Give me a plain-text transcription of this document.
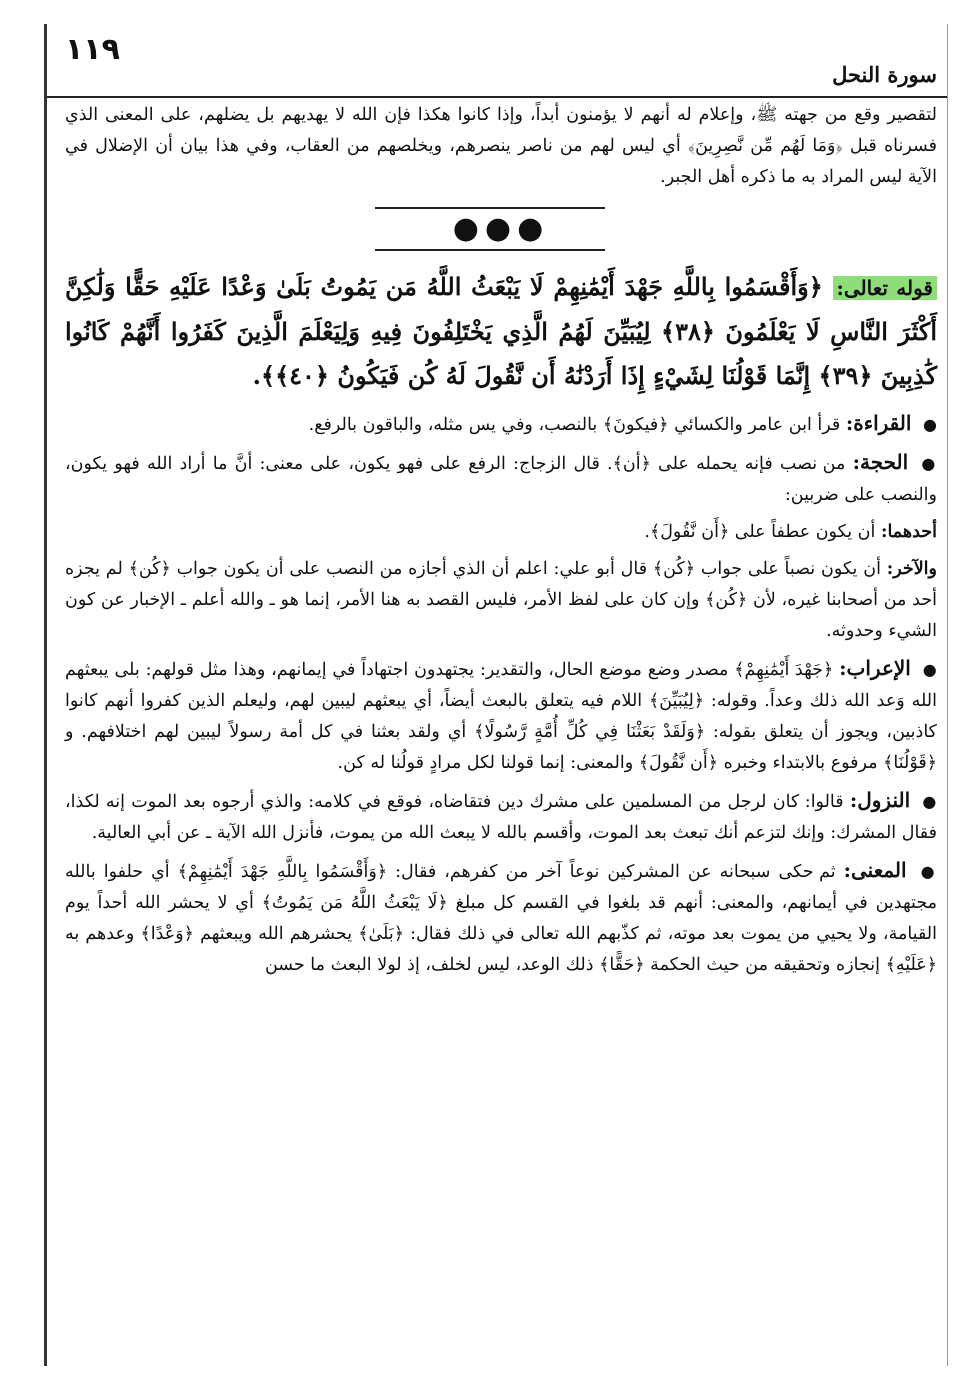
١١٩
سورة النحل

لتقصير وقع من جهته ﷺ، وإعلام له أنهم لا يؤمنون أبداً، وإذا كانوا هكذا فإن الله لا يهديهم بل يضلهم، على المعنى الذي فسرناه قبل ﴿وَمَا لَهُم مِّن نَّصِرِينَ﴾ أي ليس لهم من ناصر ينصرهم، ويخلصهم من العقاب، وفي هذا بيان أن الإضلال في الآية ليس المراد به ما ذكره أهل الجبر.

●●●

قوله تعالى: ﴿وَأَقْسَمُوا بِاللَّهِ جَهْدَ أَيْمَٰنِهِمْ لَا يَبْعَثُ اللَّهُ مَن يَمُوتُ بَلَىٰ وَعْدًا عَلَيْهِ حَقًّا وَلَٰكِنَّ أَكْثَرَ النَّاسِ لَا يَعْلَمُونَ ﴿٣٨﴾ لِيُبَيِّنَ لَهُمُ الَّذِي يَخْتَلِفُونَ فِيهِ وَلِيَعْلَمَ الَّذِينَ كَفَرُوا أَنَّهُمْ كَانُوا كَٰذِبِينَ ﴿٣٩﴾ إِنَّمَا قَوْلُنَا لِشَيْءٍ إِذَا أَرَدْنَٰهُ أَن نَّقُولَ لَهُ كُن فَيَكُونُ ﴿٤٠﴾﴾.

● القراءة: قرأ ابن عامر والكسائي ﴿فيكونَ﴾ بالنصب، وفي يس مثله، والباقون بالرفع.

● الحجة: من نصب فإنه يحمله على ﴿أن﴾. قال الزجاج: الرفع على فهو يكون، على معنى: أنَّ ما أراد الله فهو يكون، والنصب على ضربين:

أحدهما: أن يكون عطفاً على ﴿أَن نَّقُولَ﴾.

والآخر: أن يكون نصباً على جواب ﴿كُن﴾ قال أبو علي: اعلم أن الذي أجازه من النصب على أن يكون جواب ﴿كُن﴾ لم يجزه أحد من أصحابنا غيره، لأن ﴿كُن﴾ وإن كان على لفظ الأمر، فليس القصد به هنا الأمر، إنما هو ـ والله أعلم ـ الإخبار عن كون الشيء وحدوثه.

● الإعراب: ﴿جَهْدَ أَيْمَٰنِهِمْ﴾ مصدر وضع موضع الحال، والتقدير: يجتهدون اجتهاداً في إيمانهم، وهذا مثل قولهم: بلى يبعثهم الله وَعد الله ذلك وعداً. وقوله: ﴿لِيُبَيِّنَ﴾ اللام فيه يتعلق بالبعث أيضاً، أي يبعثهم ليبين لهم، وليعلم الذين كفروا أنهم كانوا كاذبين، ويجوز أن يتعلق بقوله: ﴿وَلَقَدْ بَعَثْنَا فِي كُلِّ أُمَّةٍ رَّسُولًا﴾ أي ولقد بعثنا في كل أمة رسولاً ليبين لهم اختلافهم. و ﴿قَوْلُنَا﴾ مرفوع بالابتداء وخبره ﴿أَن نَّقُولَ﴾ والمعنى: إنما قولنا لكل مرادٍ قولُنا له كن.

● النزول: قالوا: كان لرجل من المسلمين على مشرك دين فتقاضاه، فوقع في كلامه: والذي أرجوه بعد الموت إنه لكذا، فقال المشرك: وإنك لتزعم أنك تبعث بعد الموت، وأقسم بالله لا يبعث الله من يموت، فأنزل الله الآية ـ عن أبي العالية.

● المعنى: ثم حكى سبحانه عن المشركين نوعاً آخر من كفرهم، فقال: ﴿وَأَقْسَمُوا بِاللَّهِ جَهْدَ أَيْمَٰنِهِمْ﴾ أي حلفوا بالله مجتهدين في أيمانهم، والمعنى: أنهم قد بلغوا في القسم كل مبلغ ﴿لَا يَبْعَثُ اللَّهُ مَن يَمُوتُ﴾ أي لا يحشر الله أحداً يوم القيامة، ولا يحيي من يموت بعد موته، ثم كذّبهم الله تعالى في ذلك فقال: ﴿بَلَىٰ﴾ يحشرهم الله ويبعثهم ﴿وَعْدًا﴾ وعدهم به ﴿عَلَيْهِ﴾ إنجازه وتحقيقه من حيث الحكمة ﴿حَقًّا﴾ ذلك الوعد، ليس لخلف، إذ لولا البعث ما حسن
